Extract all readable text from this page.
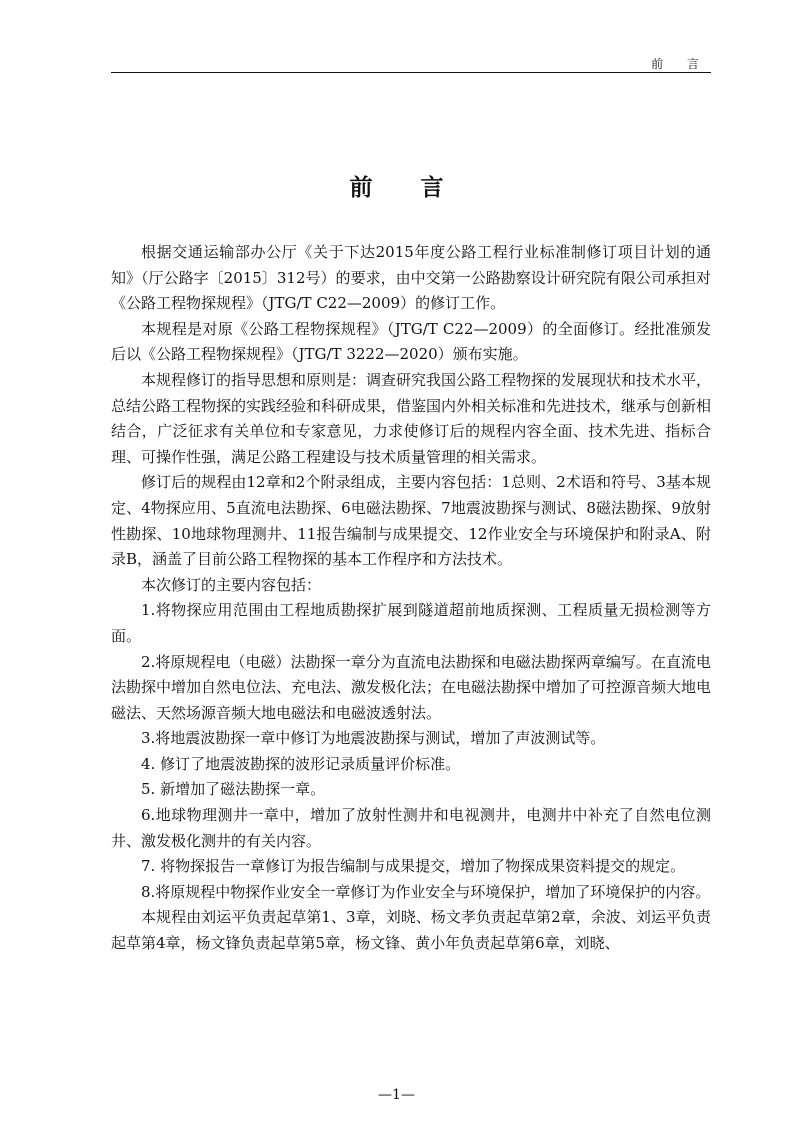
前 言
前言

根据交通运输部办公厅《关于下达2015年度公路工程行业标准制修订项目计划的通知》（厅公路字〔2015〕312号）的要求，由中交第一公路勘察设计研究院有限公司承担对《公路工程物探规程》（JTG/T C22—2009）的修订工作。

本规程是对原《公路工程物探规程》（JTG/T C22—2009）的全面修订。经批准颁发后以《公路工程物探规程》（JTG/T 3222—2020）颁布实施。

本规程修订的指导思想和原则是：调查研究我国公路工程物探的发展现状和技术水平，总结公路工程物探的实践经验和科研成果，借鉴国内外相关标准和先进技术，继承与创新相结合，广泛征求有关单位和专家意见，力求使修订后的规程内容全面、技术先进、指标合理、可操作性强，满足公路工程建设与技术质量管理的相关需求。

修订后的规程由12章和2个附录组成，主要内容包括：1总则、2术语和符号、3基本规定、4物探应用、5直流电法勘探、6电磁法勘探、7地震波勘探与测试、8磁法勘探、9放射性勘探、10地球物理测井、11报告编制与成果提交、12作业安全与环境保护和附录A、附录B，涵盖了目前公路工程物探的基本工作程序和方法技术。

本次修订的主要内容包括：

1.将物探应用范围由工程地质勘探扩展到隧道超前地质探测、工程质量无损检测等方面。

2.将原规程电（电磁）法勘探一章分为直流电法勘探和电磁法勘探两章编写。在直流电法勘探中增加自然电位法、充电法、激发极化法；在电磁法勘探中增加了可控源音频大地电磁法、天然场源音频大地电磁法和电磁波透射法。

3.将地震波勘探一章中修订为地震波勘探与测试，增加了声波测试等。

4. 修订了地震波勘探的波形记录质量评价标准。

5. 新增加了磁法勘探一章。

6.地球物理测井一章中，增加了放射性测井和电视测井，电测井中补充了自然电位测井、激发极化测井的有关内容。

7. 将物探报告一章修订为报告编制与成果提交，增加了物探成果资料提交的规定。

8.将原规程中物探作业安全一章修订为作业安全与环境保护，增加了环境保护的内容。

本规程由刘运平负责起草第1、3章，刘晓、杨文孝负责起草第2章，余波、刘运平负责起草第4章，杨文锋负责起草第5章，杨文锋、黄小年负责起草第6章，刘晓、

—1—
